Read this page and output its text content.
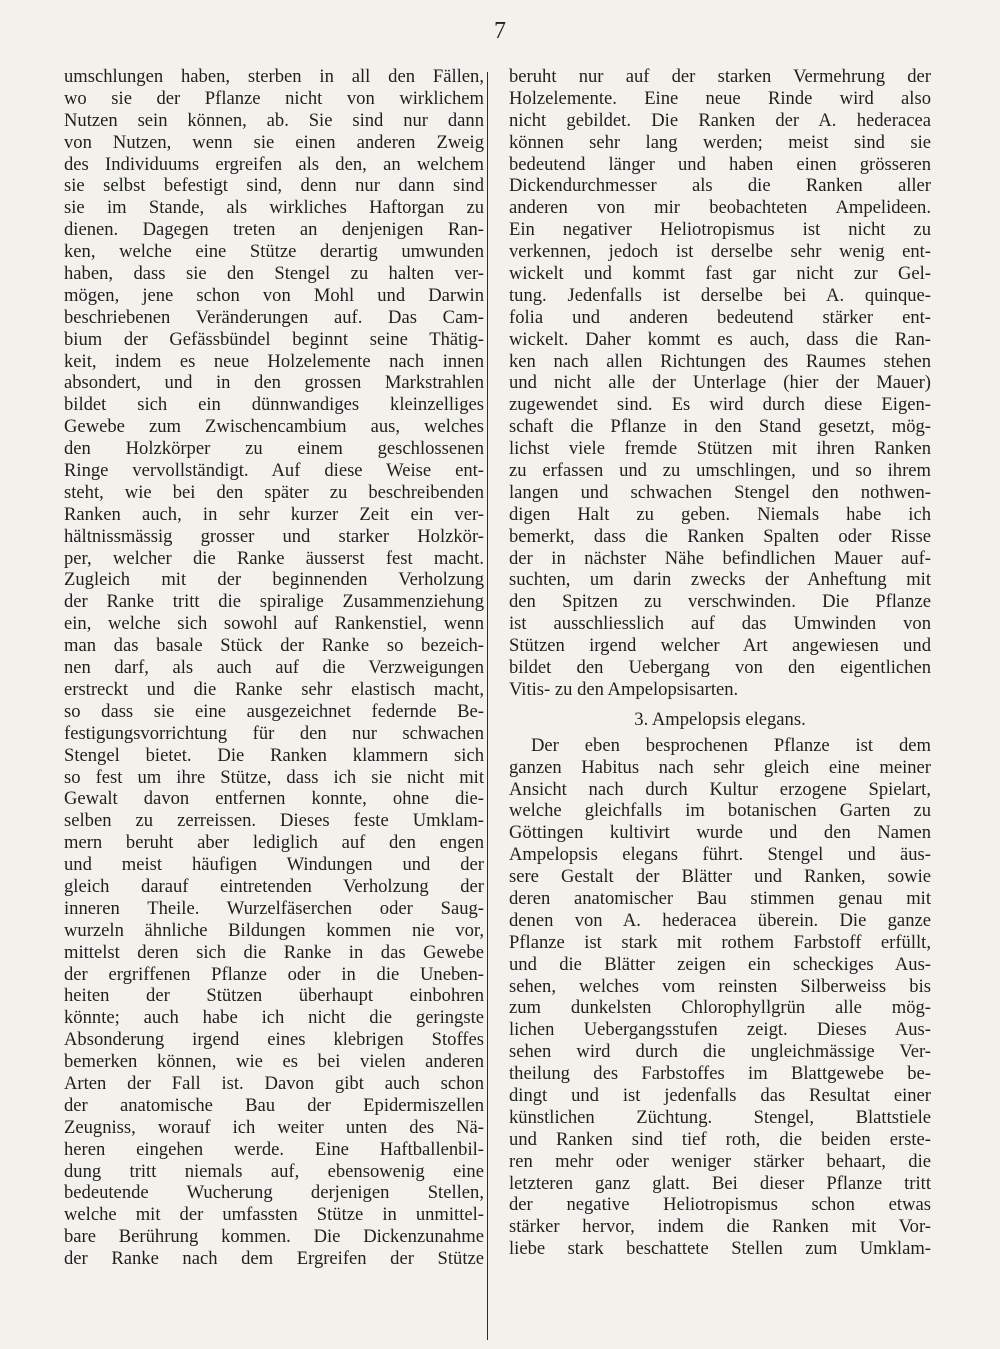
7
umschlungen haben, sterben in all den Fällen,
wo sie der Pflanze nicht von wirklichem
Nutzen sein können, ab. Sie sind nur dann
von Nutzen, wenn sie einen anderen Zweig
des Individuums ergreifen als den, an welchem
sie selbst befestigt sind, denn nur dann sind
sie im Stande, als wirkliches Haftorgan zu
dienen. Dagegen treten an denjenigen Ran-
ken, welche eine Stütze derartig umwunden
haben, dass sie den Stengel zu halten ver-
mögen, jene schon von Mohl und Darwin
beschriebenen Veränderungen auf. Das Cam-
bium der Gefässbündel beginnt seine Thätig-
keit, indem es neue Holzelemente nach innen
absondert, und in den grossen Markstrahlen
bildet sich ein dünnwandiges kleinzelliges
Gewebe zum Zwischencambium aus, welches
den Holzkörper zu einem geschlossenen
Ringe vervollständigt. Auf diese Weise ent-
steht, wie bei den später zu beschreibenden
Ranken auch, in sehr kurzer Zeit ein ver-
hältnissmässig grosser und starker Holzkör-
per, welcher die Ranke äusserst fest macht.
Zugleich mit der beginnenden Verholzung
der Ranke tritt die spiralige Zusammenziehung
ein, welche sich sowohl auf Rankenstiel, wenn
man das basale Stück der Ranke so bezeich-
nen darf, als auch auf die Verzweigungen
erstreckt und die Ranke sehr elastisch macht,
so dass sie eine ausgezeichnet federnde Be-
festigungsvorrichtung für den nur schwachen
Stengel bietet. Die Ranken klammern sich
so fest um ihre Stütze, dass ich sie nicht mit
Gewalt davon entfernen konnte, ohne die-
selben zu zerreissen. Dieses feste Umklam-
mern beruht aber lediglich auf den engen
und meist häufigen Windungen und der
gleich darauf eintretenden Verholzung der
inneren Theile. Wurzelfäserchen oder Saug-
wurzeln ähnliche Bildungen kommen nie vor,
mittelst deren sich die Ranke in das Gewebe
der ergriffenen Pflanze oder in die Uneben-
heiten der Stützen überhaupt einbohren
könnte; auch habe ich nicht die geringste
Absonderung irgend eines klebrigen Stoffes
bemerken können, wie es bei vielen anderen
Arten der Fall ist. Davon gibt auch schon
der anatomische Bau der Epidermiszellen
Zeugniss, worauf ich weiter unten des Nä-
heren eingehen werde. Eine Haftballenbil-
dung tritt niemals auf, ebensowenig eine
bedeutende Wucherung derjenigen Stellen,
welche mit der umfassten Stütze in unmittel-
bare Berührung kommen. Die Dickenzunahme
der Ranke nach dem Ergreifen der Stütze
beruht nur auf der starken Vermehrung der
Holzelemente. Eine neue Rinde wird also
nicht gebildet. Die Ranken der A. hederacea
können sehr lang werden; meist sind sie
bedeutend länger und haben einen grösseren
Dickendurchmesser als die Ranken aller
anderen von mir beobachteten Ampelideen.
Ein negativer Heliotropismus ist nicht zu
verkennen, jedoch ist derselbe sehr wenig ent-
wickelt und kommt fast gar nicht zur Gel-
tung. Jedenfalls ist derselbe bei A. quinque-
folia und anderen bedeutend stärker ent-
wickelt. Daher kommt es auch, dass die Ran-
ken nach allen Richtungen des Raumes stehen
und nicht alle der Unterlage (hier der Mauer)
zugewendet sind. Es wird durch diese Eigen-
schaft die Pflanze in den Stand gesetzt, mög-
lichst viele fremde Stützen mit ihren Ranken
zu erfassen und zu umschlingen, und so ihrem
langen und schwachen Stengel den nothwen-
digen Halt zu geben. Niemals habe ich
bemerkt, dass die Ranken Spalten oder Risse
der in nächster Nähe befindlichen Mauer auf-
suchten, um darin zwecks der Anheftung mit
den Spitzen zu verschwinden. Die Pflanze
ist ausschliesslich auf das Umwinden von
Stützen irgend welcher Art angewiesen und
bildet den Uebergang von den eigentlichen
Vitis- zu den Ampelopsisarten.
3. Ampelopsis elegans.
Der eben besprochenen Pflanze ist dem
ganzen Habitus nach sehr gleich eine meiner
Ansicht nach durch Kultur erzogene Spielart,
welche gleichfalls im botanischen Garten zu
Göttingen kultivirt wurde und den Namen
Ampelopsis elegans führt. Stengel und äus-
sere Gestalt der Blätter und Ranken, sowie
deren anatomischer Bau stimmen genau mit
denen von A. hederacea überein. Die ganze
Pflanze ist stark mit rothem Farbstoff erfüllt,
und die Blätter zeigen ein scheckiges Aus-
sehen, welches vom reinsten Silberweiss bis
zum dunkelsten Chlorophyllgrün alle mög-
lichen Uebergangsstufen zeigt. Dieses Aus-
sehen wird durch die ungleichmässige Ver-
theilung des Farbstoffes im Blattgewebe be-
dingt und ist jedenfalls das Resultat einer
künstlichen Züchtung. Stengel, Blattstiele
und Ranken sind tief roth, die beiden erste-
ren mehr oder weniger stärker behaart, die
letzteren ganz glatt. Bei dieser Pflanze tritt
der negative Heliotropismus schon etwas
stärker hervor, indem die Ranken mit Vor-
liebe stark beschattete Stellen zum Umklam-
